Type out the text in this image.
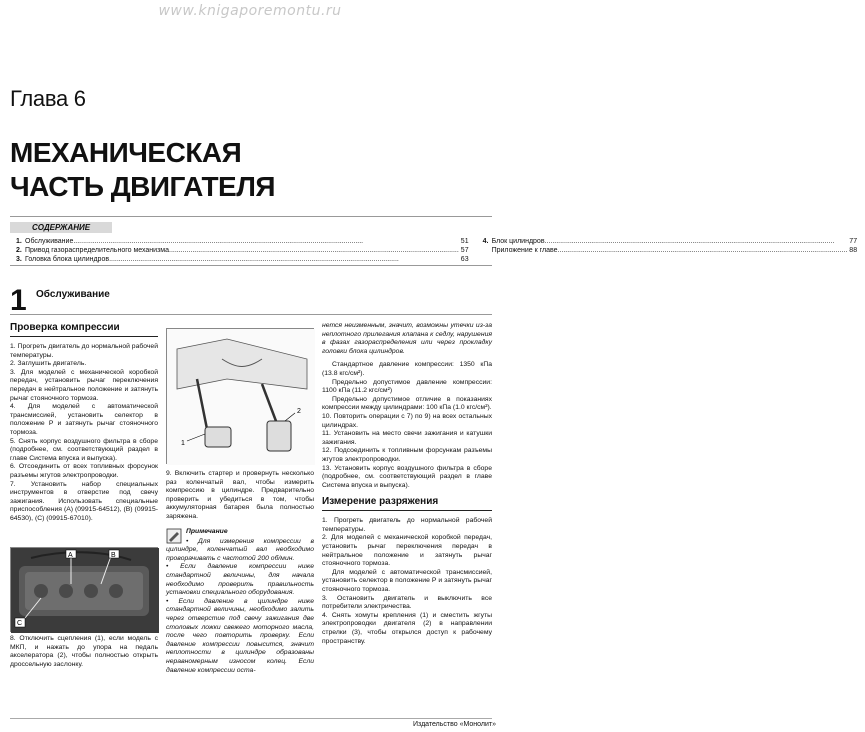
www.knigaporemontu.ru
Глава 6
МЕХАНИЧЕСКАЯ
ЧАСТЬ ДВИГАТЕЛЯ
СОДЕРЖАНИЕ
1. Обслуживание .....	51
2. Привод газораспределительного механизма .....	57
3. Головка блока цилиндров .....	63
4. Блок цилиндров .....	77
Приложение к главе .....	88
1 Обслуживание
Проверка компрессии

1. Прогреть двигатель до нормальной рабочей температуры.

2. Заглушить двигатель.

3. Для моделей с механической коробкой передач, установить рычаг переключения передач в нейтральное положение и затянуть рычаг стояночного тормоза.

4. Для моделей с автоматической трансмиссией, установить селектор в положение P и затянуть рычаг стояночного тормоза.

5. Снять корпус воздушного фильтра в сборе (подробнее, см. соответствующий раздел в главе Система впуска и выпуска).

6. Отсоединить от всех топливных форсунок разъемы жгутов электропроводки.

7. Установить набор специальных инструментов в отверстие под свечу зажигания. Использовать специальные приспособления (A) (09915-64512), (B) (09915-64530), (C) (09915-67010).

A	B
C

8. Отключить сцепления (1), если модель с МКП, и нажать до упора на педаль акселератора (2), чтобы полностью открыть дроссельную заслонку.

1
2

9. Включить стартер и провернуть несколько раз коленчатый вал, чтобы измерить компрессию в цилиндре. Предварительно проверить и убедиться в том, чтобы аккумуляторная батарея была полностью заряжена.

Примечание

• Для измерения компрессии в цилиндре, коленчатый вал необходимо проворачивать с частотой 200 об/мин.

• Если давление компрессии ниже стандартной величины, для начала необходимо проверить правильность установки специального оборудования.

• Если давление в цилиндре ниже стандартной величины, необходимо залить через отверстие под свечу зажигания две столовых ложки свежего моторного масла, после чего повторить проверку. Если давление компрессии повысится, значит неплотности в цилиндре образованы неравномерным износом колец. Если давление компрессии оста-

нется неизменным, значит, возможны утечки из-за неплотного прилегания клапана к седлу, нарушения в фазах газораспределения или через прокладку головки блока цилиндров.

Стандартное давление компрессии: 1350 кПа (13.8 кгс/см²).

Предельно допустимое давление компрессии: 1100 кПа (11.2 кгс/см²)

Предельно допустимое отличие в показаниях компрессии между цилиндрами: 100 кПа (1.0 кгс/см²).

10. Повторить операции с 7) по 9) на всех остальных цилиндрах.

11. Установить на место свечи зажигания и катушки зажигания.

12. Подсоединить к топливным форсункам разъемы жгутов электропроводки.

13. Установить корпус воздушного фильтра в сборе (подробнее, см. соответствующий раздел в главе Система впуска и выпуска).

Измерение разряжения

1. Прогреть двигатель до нормальной рабочей температуры.

2. Для моделей с механической коробкой передач, установить рычаг переключения передач в нейтральное положение и затянуть рычаг стояночного тормоза.

Для моделей с автоматической трансмиссией, установить селектор в положение P и затянуть рычаг стояночного тормоза.

3. Остановить двигатель и выключить все потребители электричества.

4. Снять хомуты крепления (1) и сместить жгуты электропроводки двигателя (2) в направлении стрелки (3), чтобы открылся доступ к рабочему пространству.

Издательство «Монолит»
